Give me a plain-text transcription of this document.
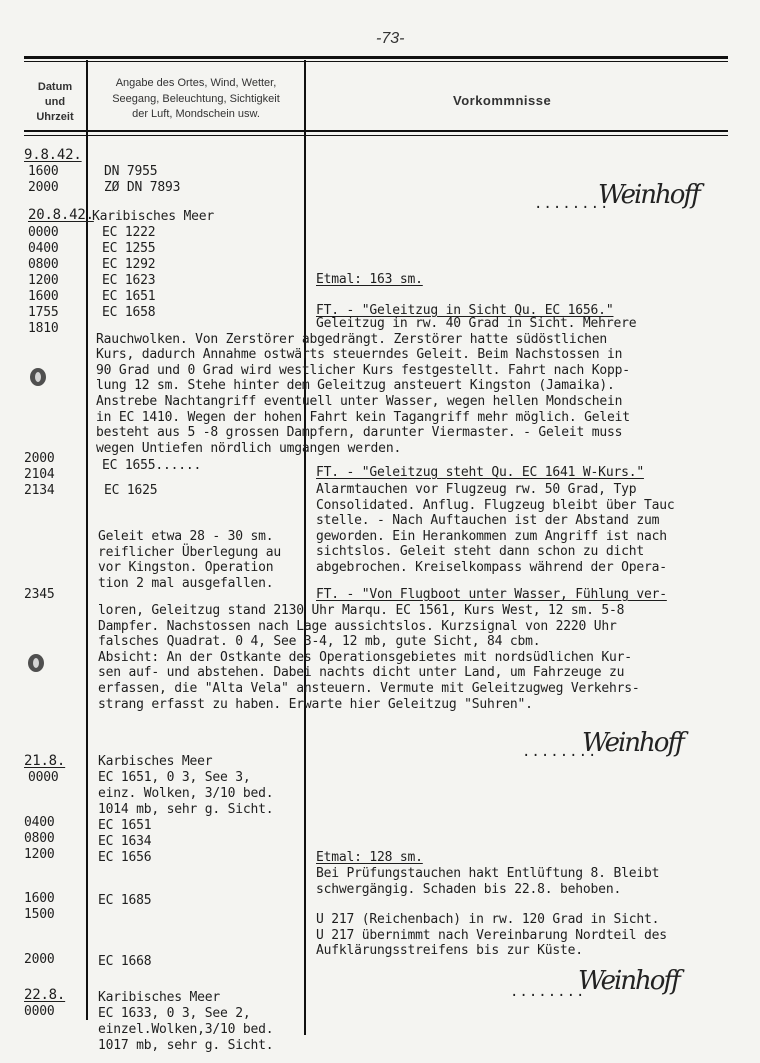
-73-
Datum
und
Uhrzeit
Angabe des Ortes, Wind, Wetter,
Seegang, Beleuchtung, Sichtigkeit
der Luft, Mondschein usw.
Vorkommnisse
9.8.42.
1600
2000
20.8.42.
0000
0400
0800
1200
1600
1755
1810
2000
2104
2134
2345
21.8.
0000
0400
0800
1200
1600
1500
2000
22.8.
0000
DN 7955
ZØ DN 7893
Karibisches Meer
EC 1222
EC 1255
EC 1292
EC 1623
EC 1651
EC 1658
EC 1655......
EC 1625
Karbisches Meer
EC 1651, 0 3, See 3,
einz. Wolken, 3/10 bed.
1014 mb, sehr g. Sicht.
EC 1651
EC 1634
EC 1656
EC 1685
EC 1668
Karibisches Meer
EC 1633, 0 3, See 2,
einzel.Wolken,3/10 bed.
1017 mb, sehr g. Sicht.
........
Weinhoff
Etmal: 163 sm.
FT. - "Geleitzug in Sicht Qu. EC 1656."
Geleitzug in rw. 40 Grad in Sicht. Mehrere
Rauchwolken. Von Zerstörer abgedrängt. Zerstörer hatte südöstlichen
Kurs, dadurch Annahme ostwärts steuerndes Geleit. Beim Nachstossen in
90 Grad und 0 Grad wird westlicher Kurs festgestellt. Fahrt nach Kopp-
lung 12 sm. Stehe hinter dem Geleitzug ansteuert Kingston (Jamaika).
Anstrebe Nachtangriff eventuell unter Wasser, wegen hellen Mondschein
in EC 1410. Wegen der hohen Fahrt kein Tagangriff mehr möglich. Geleit
besteht aus 5 -8 grossen Dampfern, darunter Viermaster. - Geleit muss
wegen Untiefen nördlich umgangen werden.
FT. - "Geleitzug steht Qu. EC 1641 W-Kurs."
Alarmtauchen vor Flugzeug rw. 50 Grad, Typ
Consolidated. Anflug. Flugzeug bleibt über Tauc
stelle. - Nach Auftauchen ist der Abstand zum
geworden. Ein Herankommen zum Angriff ist nach
sichtslos. Geleit steht dann schon zu dicht
abgebrochen. Kreiselkompass während der Opera-
Geleit etwa 28 - 30 sm.
reiflicher Überlegung au
vor Kingston. Operation
tion 2 mal ausgefallen.
FT. - "Von Flugboot unter Wasser, Fühlung ver-
loren, Geleitzug stand 2130 Uhr Marqu. EC 1561, Kurs West, 12 sm. 5-8
Dampfer. Nachstossen nach Lage aussichtslos. Kurzsignal von 2220 Uhr
falsches Quadrat. 0 4, See 3-4, 12 mb, gute Sicht, 84 cbm.
Absicht: An der Ostkante des Operationsgebietes mit nordsüdlichen Kur-
sen auf- und abstehen. Dabei nachts dicht unter Land, um Fahrzeuge zu
erfassen, die "Alta Vela" ansteuern. Vermute mit Geleitzugweg Verkehrs-
strang erfasst zu haben. Erwarte hier Geleitzug "Suhren".
........
Weinhoff
Etmal: 128 sm.
Bei Prüfungstauchen hakt Entlüftung 8. Bleibt
schwergängig. Schaden bis 22.8. behoben.
U 217 (Reichenbach) in rw. 120 Grad in Sicht.
U 217 übernimmt nach Vereinbarung Nordteil des
Aufklärungsstreifens bis zur Küste.
........
Weinhoff
